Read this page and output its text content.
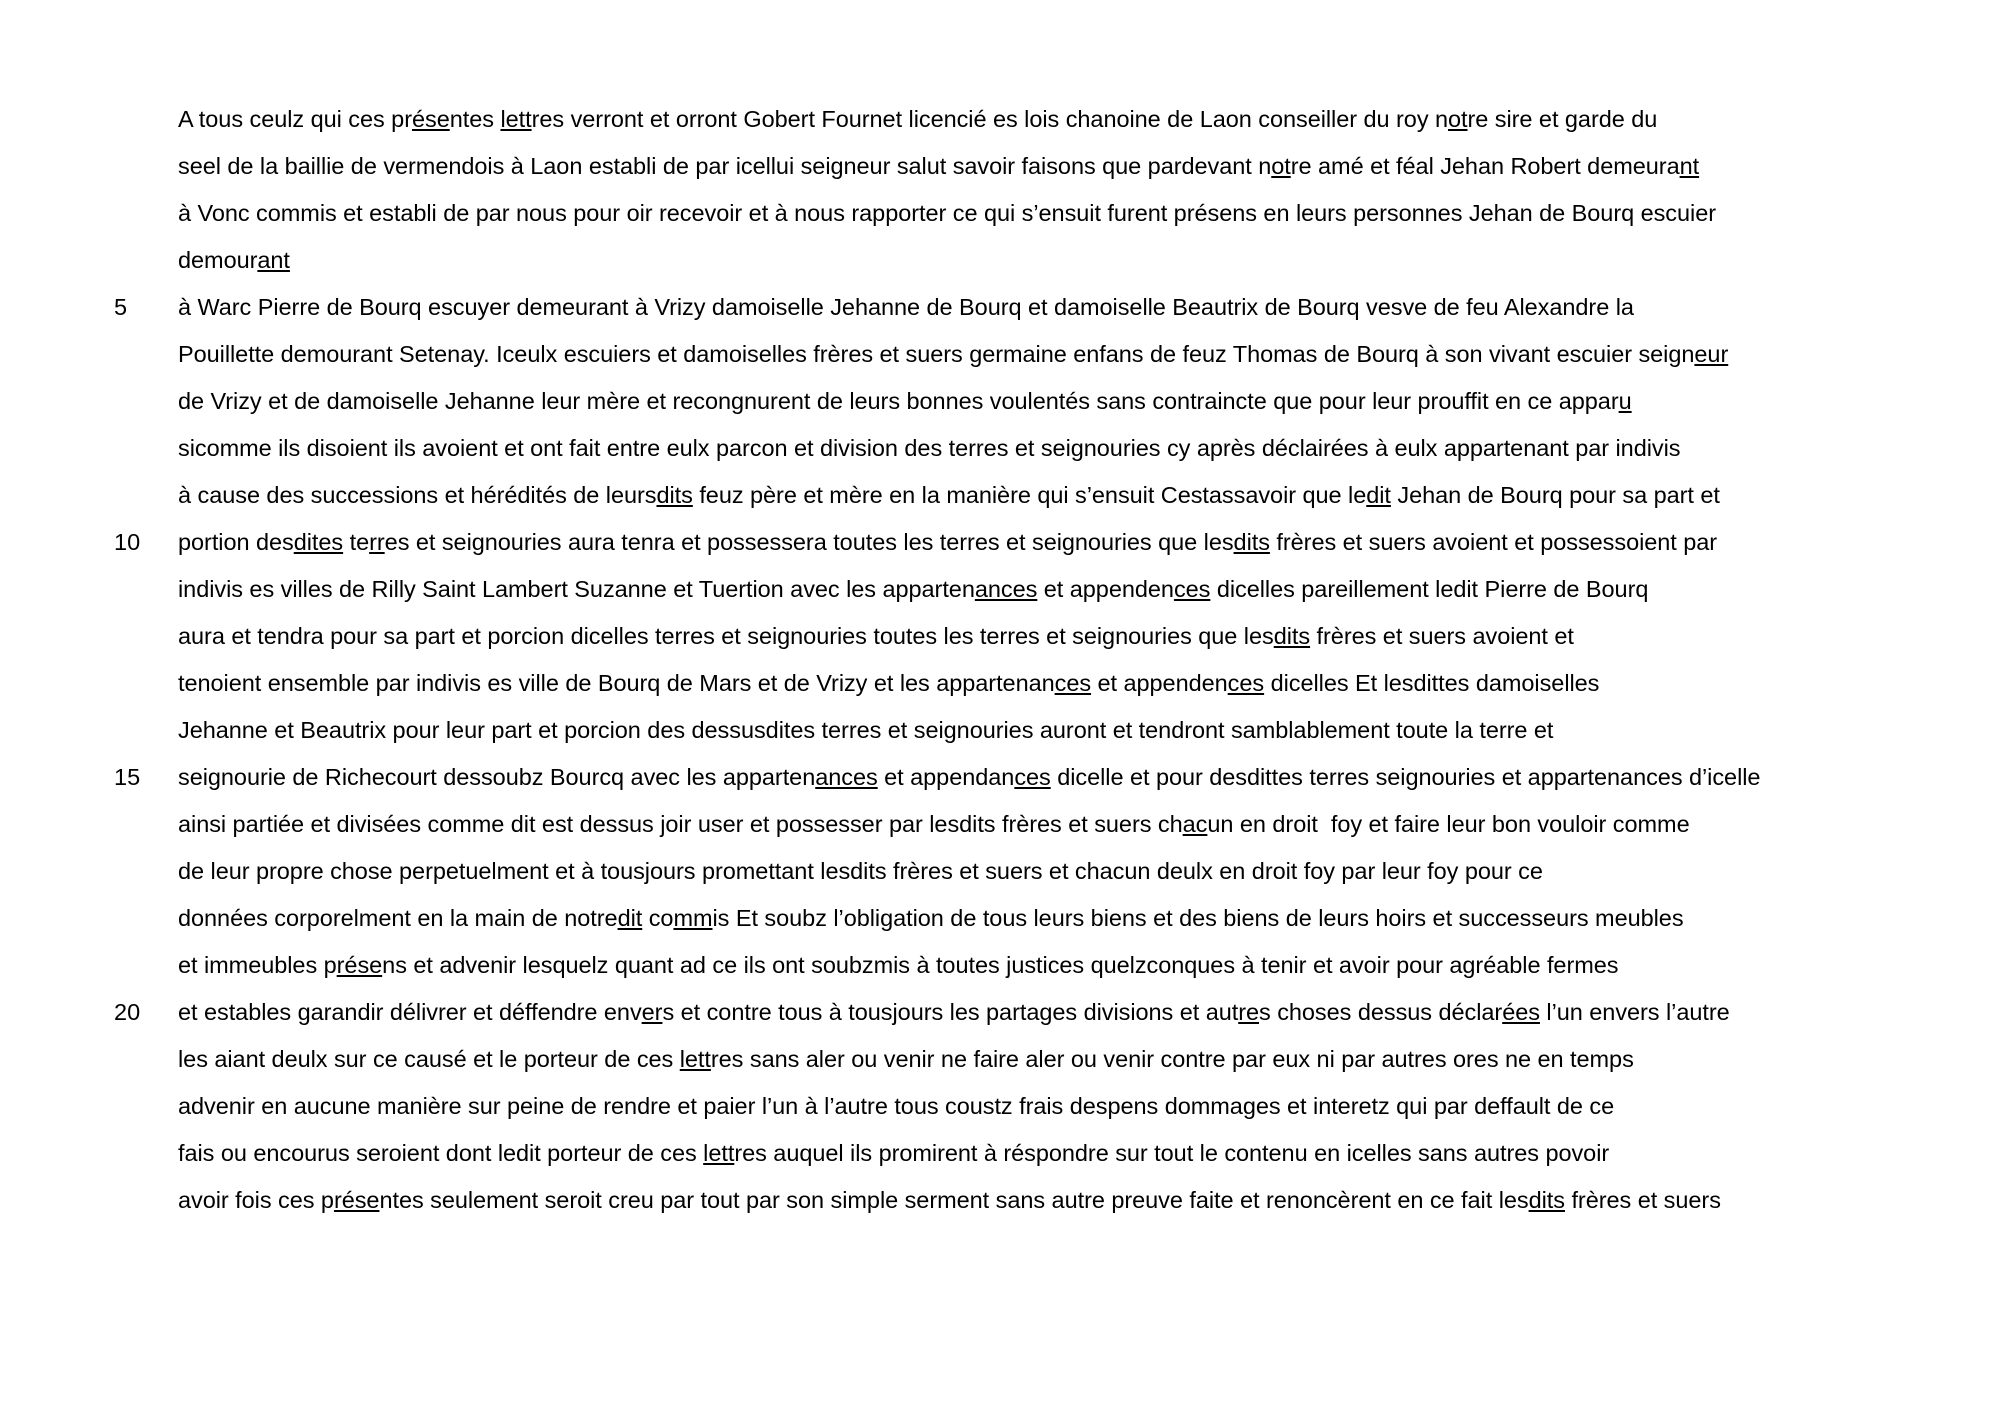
A tous ceulz qui ces présentes lettres verront et orront Gobert Fournet licencié es lois chanoine de Laon conseiller du roy notre sire et garde du
seel de la baillie de vermendois à Laon establi de par icellui seigneur salut savoir faisons que pardevant notre amé et féal Jehan Robert demeurant
à Vonc commis et establi de par nous pour oir recevoir et à nous rapporter ce qui s’ensuit furent présens en leurs personnes Jehan de Bourq escuier
demourant
5	à Warc Pierre de Bourq escuyer demeurant à Vrizy damoiselle Jehanne de Bourq et damoiselle Beautrix de Bourq vesve de feu Alexandre la
Pouillette demourant Setenay. Iceulx escuiers et damoiselles frères et suers germaine enfans de feuz Thomas de Bourq à son vivant escuier seigneur
de Vrizy et de damoiselle Jehanne leur mère et recongnurent de leurs bonnes voulentés sans contraincte que pour leur prouffit en ce apparu
sicomme ils disoient ils avoient et ont fait entre eulx parcon et division des terres et seignouries cy après déclairées à eulx appartenant par indivis
à cause des successions et hérédités de leursdits feuz père et mère en la manière qui s’ensuit Cestassavoir que ledit Jehan de Bourq pour sa part et
10	portion desdites terres et seignouries aura tenra et possessera toutes les terres et seignouries que lesdits frères et suers avoient et possessoient par
indivis es villes de Rilly Saint Lambert Suzanne et Tuertion avec les appartenances et appendences dicelles pareillement ledit Pierre de Bourq
aura et tendra pour sa part et porcion dicelles terres et seignouries toutes les terres et seignouries que lesdits frères et suers avoient et
tenoient ensemble par indivis es ville de Bourq de Mars et de Vrizy et les appartenances et appendences dicelles Et lesdittes damoiselles
Jehanne et Beautrix pour leur part et porcion des dessusdites terres et seignouries auront et tendront samblablement toute la terre et
15	seignourie de Richecourt dessoubz Bourcq avec les appartenances et appendances dicelle et pour desdittes terres seignouries et appartenances d’icelle
ainsi partiée et divisées comme dit est dessus joir user et possesser par lesdits frères et suers chacun en droit  foy et faire leur bon vouloir comme
de leur propre chose perpetuelment et à tousjours promettant lesdits frères et suers et chacun deulx en droit foy par leur foy pour ce
données corporelment en la main de notredit commis Et soubz l’obligation de tous leurs biens et des biens de leurs hoirs et successeurs meubles
et immeubles présens et advenir lesquelz quant ad ce ils ont soubzmis à toutes justices quelzconques à tenir et avoir pour agréable fermes
20	et estables garandir délivrer et déffendre envers et contre tous à tousjours les partages divisions et autres choses dessus déclarées l’un envers l’autre
les aiant deulx sur ce causé et le porteur de ces lettres sans aler ou venir ne faire aler ou venir contre par eux ni par autres ores ne en temps
advenir en aucune manière sur peine de rendre et paier l’un à l’autre tous coustz frais despens dommages et interetz qui par deffault de ce
fais ou encourus seroient dont ledit porteur de ces lettres auquel ils promirent à réspondre sur tout le contenu en icelles sans autres povoir
avoir fois ces présentes seulement seroit creu par tout par son simple serment sans autre preuve faite et renoncèrent en ce fait lesdits frères et suers
